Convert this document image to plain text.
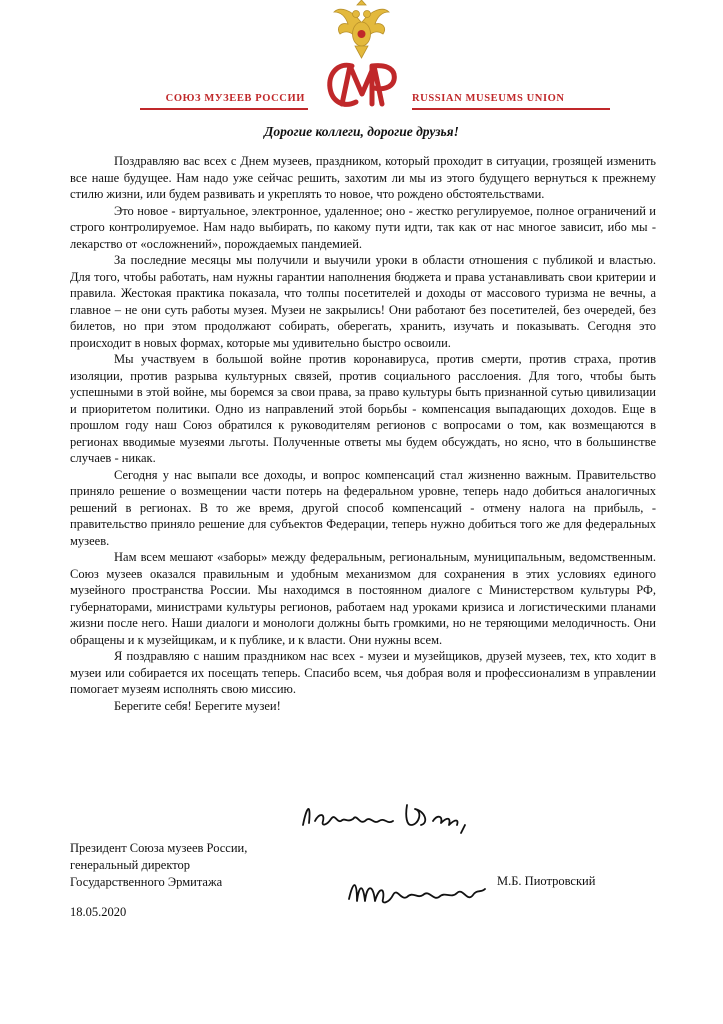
СОЮЗ МУЗЕЕВ РОССИИ	RUSSIAN MUSEUMS UNION
Дорогие коллеги, дорогие друзья!

Поздравляю вас всех с Днем музеев, праздником, который проходит в ситуации, грозящей изменить все наше будущее. Нам надо уже сейчас решить, захотим ли мы из этого будущего вернуться к прежнему стилю жизни, или будем развивать и укреплять то новое, что рождено обстоятельствами.

Это новое - виртуальное, электронное, удаленное; оно - жестко регулируемое, полное ограничений и строго контролируемое. Нам надо выбирать, по какому пути идти, так как от нас многое зависит, ибо мы - лекарство от «осложнений», порождаемых пандемией.

За последние месяцы мы получили и выучили уроки в области отношения с публикой и властью. Для того, чтобы работать, нам нужны гарантии наполнения бюджета и права устанавливать свои критерии и правила. Жестокая практика показала, что толпы посетителей и доходы от массового туризма не вечны, а главное – не они суть работы музея. Музеи не закрылись! Они работают без посетителей, без очередей, без билетов, но при этом продолжают собирать, оберегать, хранить, изучать и показывать. Сегодня это происходит в новых формах, которые мы удивительно быстро освоили.

Мы участвуем в большой войне против коронавируса, против смерти, против страха, против изоляции, против разрыва культурных связей, против социального расслоения. Для того, чтобы быть успешными в этой войне, мы боремся за свои права, за право культуры быть признанной сутью цивилизации и приоритетом политики. Одно из направлений этой борьбы - компенсация выпадающих доходов. Еще в прошлом году наш Союз обратился к руководителям регионов с вопросами о том, как возмещаются в регионах вводимые музеями льготы. Полученные ответы мы будем обсуждать, но ясно, что в большинстве случаев - никак.

Сегодня у нас выпали все доходы, и вопрос компенсаций стал жизненно важным. Правительство приняло решение о возмещении части потерь на федеральном уровне, теперь надо добиться аналогичных решений в регионах. В то же время, другой способ компенсаций - отмену налога на прибыль, - правительство приняло решение для субъектов Федерации, теперь нужно добиться того же для федеральных музеев.

Нам всем мешают «заборы» между федеральным, региональным, муниципальным, ведомственным. Союз музеев оказался правильным и удобным механизмом для сохранения в этих условиях единого музейного пространства России. Мы находимся в постоянном диалоге с Министерством культуры РФ, губернаторами, министрами культуры регионов, работаем над уроками кризиса и логистическими планами жизни после него. Наши диалоги и монологи должны быть громкими, но не теряющими мелодичность. Они обращены и к музейщикам, и к публике, и к власти. Они нужны всем.

Я поздравляю с нашим праздником нас всех - музеи и музейщиков, друзей музеев, тех, кто ходит в музеи или собирается их посещать теперь. Спасибо всем, чья добрая воля и профессионализм в управлении помогает музеям исполнять свою миссию.

Берегите себя! Берегите музеи!

Президент Союза музеев России,
генеральный директор
Государственного Эрмитажа	М.Б. Пиотровский
18.05.2020
